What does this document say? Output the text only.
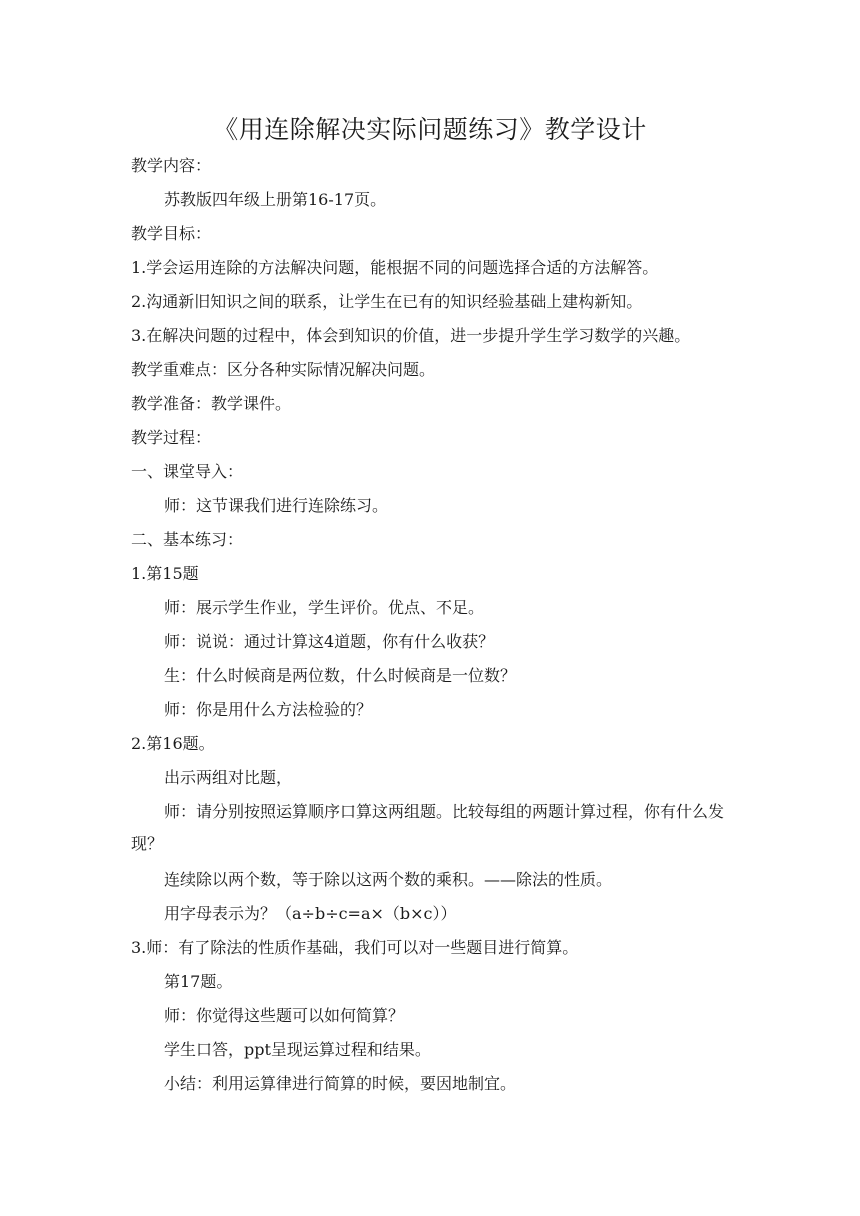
《用连除解决实际问题练习》教学设计
教学内容：
苏教版四年级上册第16-17页。
教学目标：
1.学会运用连除的方法解决问题，能根据不同的问题选择合适的方法解答。
2.沟通新旧知识之间的联系，让学生在已有的知识经验基础上建构新知。
3.在解决问题的过程中，体会到知识的价值，进一步提升学生学习数学的兴趣。
教学重难点：区分各种实际情况解决问题。
教学准备：教学课件。
教学过程：
一、课堂导入：
师：这节课我们进行连除练习。
二、基本练习：
1.第15题
师：展示学生作业，学生评价。优点、不足。
师：说说：通过计算这4道题，你有什么收获？
生：什么时候商是两位数，什么时候商是一位数？
师：你是用什么方法检验的？
2.第16题。
出示两组对比题，
师：请分别按照运算顺序口算这两组题。比较每组的两题计算过程，你有什么发现？
连续除以两个数，等于除以这两个数的乘积。——除法的性质。
用字母表示为？（a÷b÷c=a×（b×c））
3.师：有了除法的性质作基础，我们可以对一些题目进行简算。
第17题。
师：你觉得这些题可以如何简算？
学生口答，ppt呈现运算过程和结果。
小结：利用运算律进行简算的时候，要因地制宜。
